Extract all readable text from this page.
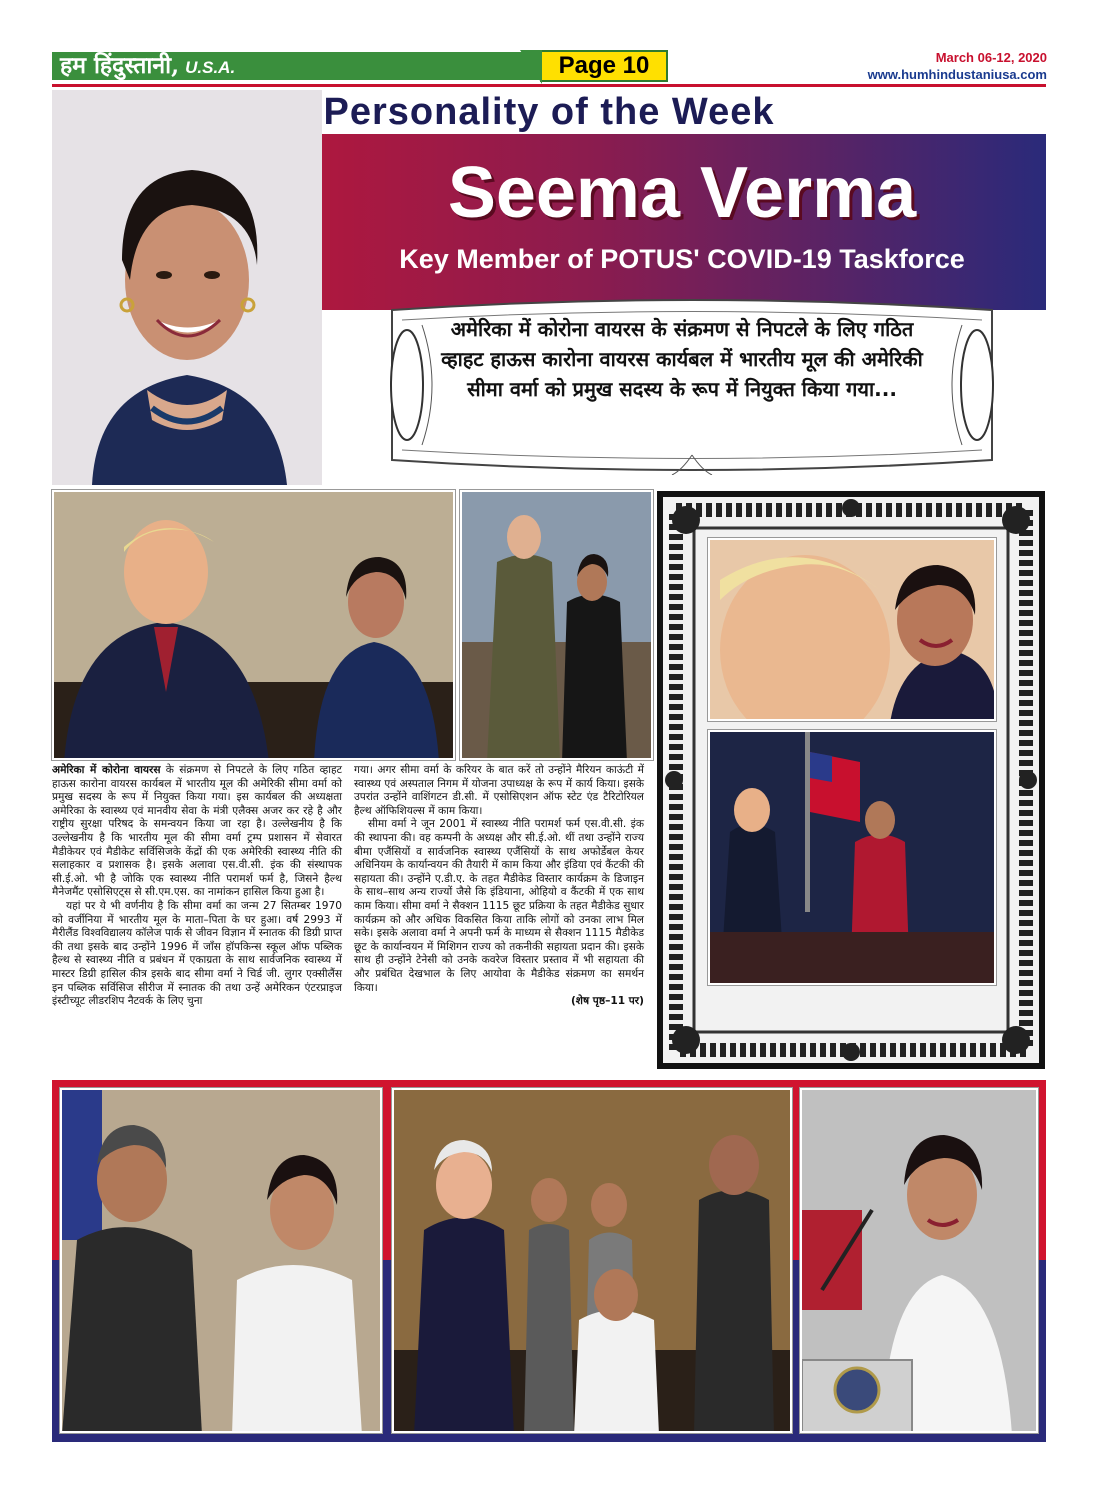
हम हिंदुस्तानी, U.S.A.	Page 10	March 06-12, 2020
www.humhindustaniusa.com
Personality of the Week
Seema Verma
Key Member of POTUS' COVID-19 Taskforce
अमेरिका में कोरोना वायरस के संक्रमण से निपटले के लिए गठित व्हाहट हाऊस कारोना वायरस कार्यबल में भारतीय मूल की अमेरिकी सीमा वर्मा को प्रमुख सदस्य के रूप में नियुक्त किया गया...

अमेरिका में कोरोना वायरस के संक्रमण से निपटले के लिए गठित व्हाहट हाऊस कारोना वायरस कार्यबल में भारतीय मूल की अमेरिकी सीमा वर्मा को प्रमुख सदस्य के रूप में नियुक्त किया गया। इस कार्यबल की अध्यक्षता अमेरिका के स्वास्थ्य एवं मानवीय सेवा के मंत्री एलैक्स अजर कर रहे है और राष्ट्रीय सुरक्षा परिषद के समन्वयन किया जा रहा है। उल्लेखनीय है कि उल्लेखनीय है कि भारतीय मूल की सीमा वर्मा ट्रम्प प्रशासन में सेवारत मैडीकेयर एवं मैडीकेट सर्विसिजके केंद्रों की एक अमेरिकी स्वास्थ्य नीति की सलाहकार व प्रशासक है। इसके अलावा एस.वी.सी. इंक की संस्थापक सी.ई.ओ. भी है जोकि एक स्वास्थ्य नीति परामर्श फर्म है, जिसने हैल्थ मैनेजमैंट एसोसिएट्स से सी.एम.एस. का नामांकन हासिल किया हुआ है।

यहां पर ये भी वर्णनीय है कि सीमा वर्मा का जन्म 27 सितम्बर 1970 को वर्जीनिया में भारतीय मूल के माता–पिता के घर हुआ। वर्ष 2993 में मैरीलैंड विश्वविद्यालय कॉलेज पार्क से जीवन विज्ञान में स्नातक की डिग्री प्राप्त की तथा इसके बाद उन्होंने 1996 में जॉंस हॉपकिन्स स्कूल ऑफ पब्लिक हैल्थ से स्वास्थ्य नीति व प्रबंधन में एकाग्रता के साथ सार्वजनिक स्वास्थ्य में मास्टर डिग्री हासिल कीत्र इसके बाद सीमा वर्मा ने चिर्ड जी. लुगर एक्सीलैंस इन पब्लिक सर्विसिज सीरीज में स्नातक की तथा उन्हें अमेरिकन एंटरप्राइज इंस्टीच्यूट लीडरशिप नैटवर्क के लिए चुना

गया। अगर सीमा वर्मा के करियर के बात करें तो उन्होंने मैरियन काऊंटी में स्वास्थ्य एवं अस्पताल निगम में योजना उपाध्यक्ष के रूप में कार्य किया। इसके उपरांत उन्होंने वाशिंगटन डी.सी. में एसोसिएशन ऑफ स्टेट एंड टैरिटोरियल हैल्थ ऑफिशियल्स में काम किया।

सीमा वर्मा ने जून 2001 में स्वास्थ्य नीति परामर्श फर्म एस.वी.सी. इंक की स्थापना की। वह कम्पनी के अध्यक्ष और सी.ई.ओ. थीं तथा उन्होंने राज्य बीमा एजैंसियों व सार्वजनिक स्वास्थ्य एजैंसियों के साथ अफोर्डेबल केयर अधिनियम के कार्यान्वयन की तैयारी में काम किया और इंडिया एवं कैंटकी की सहायता की। उन्होंने ए.डी.ए. के तहत मैडीकेड विस्तार कार्यक्रम के डिजाइन के साथ–साथ अन्य राज्यों जैसे कि इंडियाना, ओहियो व कैंटकी में एक साथ काम किया। सीमा वर्मा ने सैक्शन 1115 छूट प्रक्रिया के तहत मैडीकेड सुधार कार्यक्रम को और अधिक विकसित किया ताकि लोगों को उनका लाभ मिल सके। इसके अलावा वर्मा ने अपनी फर्म के माध्यम से सैक्शन 1115 मैडीकेड छूट के कार्यान्वयन में मिशिगन राज्य को तकनीकी सहायता प्रदान की। इसके साथ ही उन्होंने टेनेसी को उनके कवरेज विस्तार प्रस्ताव में भी सहायता की और प्रबंधित देखभाल के लिए आयोवा के मैडीकेड संक्रमण का समर्थन किया।

(शेष पृष्ठ–11 पर)
